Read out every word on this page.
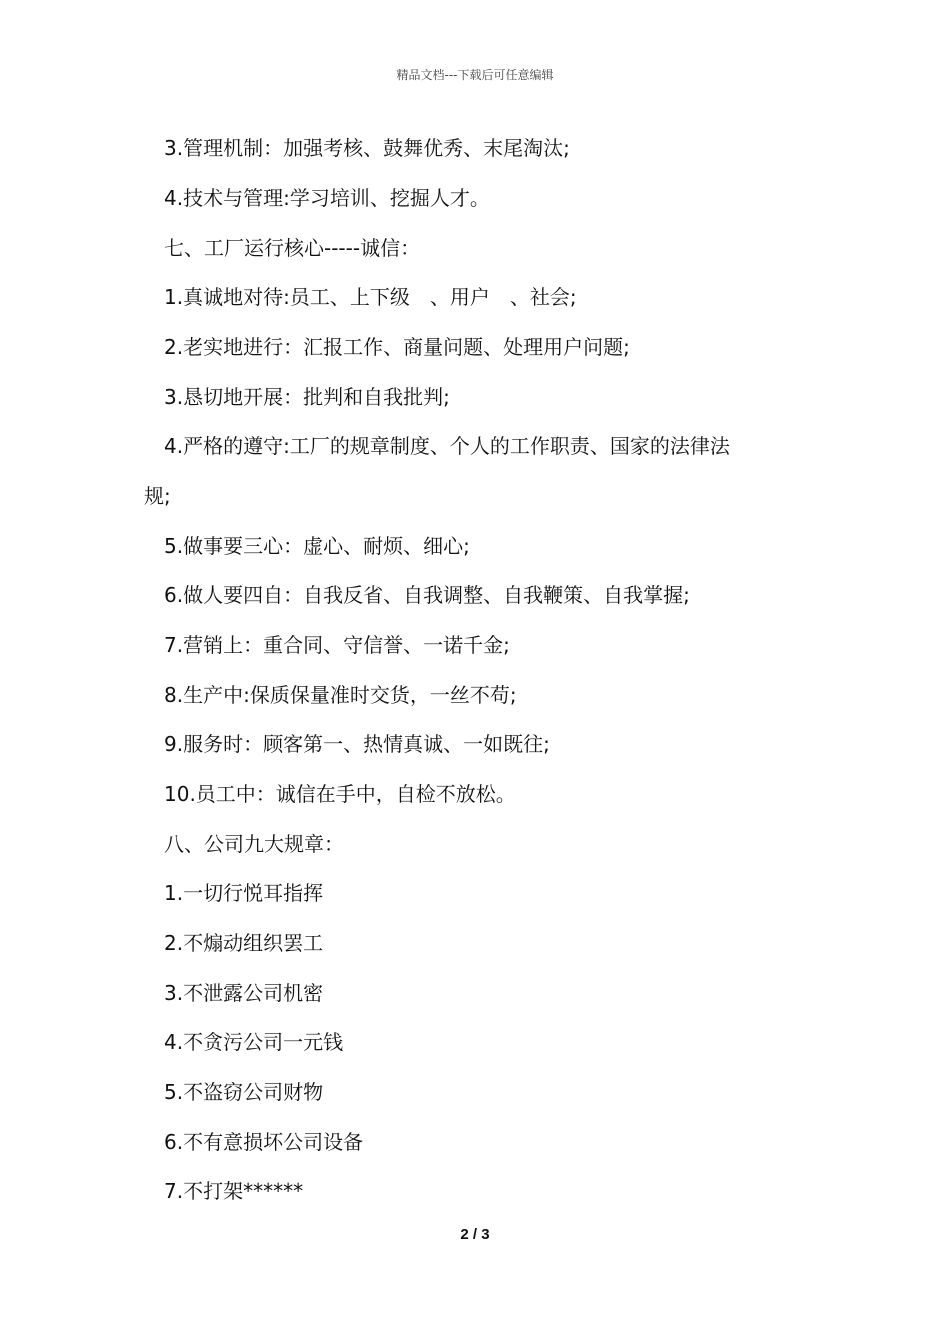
精品文档---下载后可任意编辑
3.管理机制：加强考核、鼓舞优秀、末尾淘汰;
4.技术与管理:学习培训、挖掘人才。
七、工厂运行核心-----诚信：
1.真诚地对待:员工、上下级　、用户　、社会;
2.老实地进行：汇报工作、商量问题、处理用户问题;
3.恳切地开展：批判和自我批判;
4.严格的遵守:工厂的规章制度、个人的工作职责、国家的法律法
规;
5.做事要三心：虚心、耐烦、细心;
6.做人要四自：自我反省、自我调整、自我鞭策、自我掌握;
7.营销上：重合同、守信誉、一诺千金;
8.生产中:保质保量准时交货，一丝不苟;
9.服务时：顾客第一、热情真诚、一如既往;
10.员工中：诚信在手中，自检不放松。
八、公司九大规章：
1.一切行悦耳指挥
2.不煽动组织罢工
3.不泄露公司机密
4.不贪污公司一元钱
5.不盗窃公司财物
6.不有意损坏公司设备
7.不打架******
2 / 3
